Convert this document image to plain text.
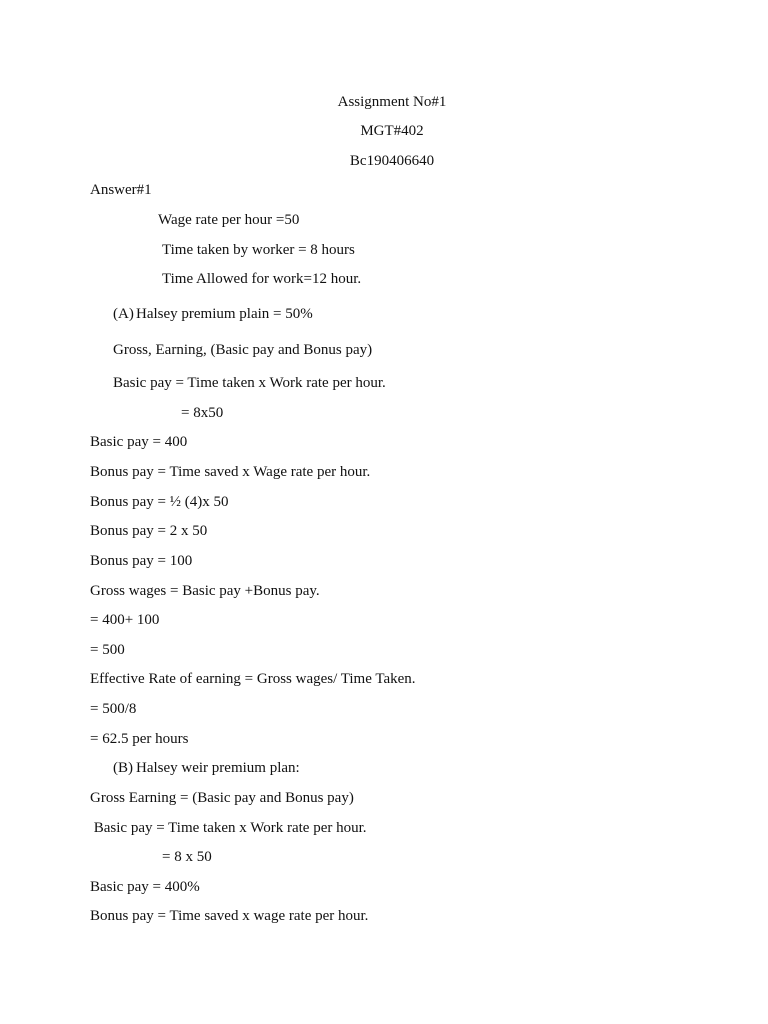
Assignment No#1
MGT#402
Bc190406640
Answer#1
Wage rate per hour =50
Time taken by worker = 8 hours
Time Allowed for work=12 hour.
(A) Halsey premium plain = 50%
Gross, Earning, (Basic pay and Bonus pay)
Basic pay = Time taken x Work rate per hour.
= 8x50
Basic pay = 400
Bonus pay = Time saved x Wage rate per hour.
Bonus pay = ½ (4)x 50
Bonus pay = 2 x 50
Bonus pay = 100
Gross wages = Basic pay +Bonus pay.
= 400+ 100
= 500
Effective Rate of earning = Gross wages/ Time Taken.
= 500/8
= 62.5 per hours
(B) Halsey weir premium plan:
Gross Earning = (Basic pay and Bonus pay)
Basic pay = Time taken x Work rate per hour.
= 8 x 50
Basic pay = 400%
Bonus pay = Time saved x wage rate per hour.
